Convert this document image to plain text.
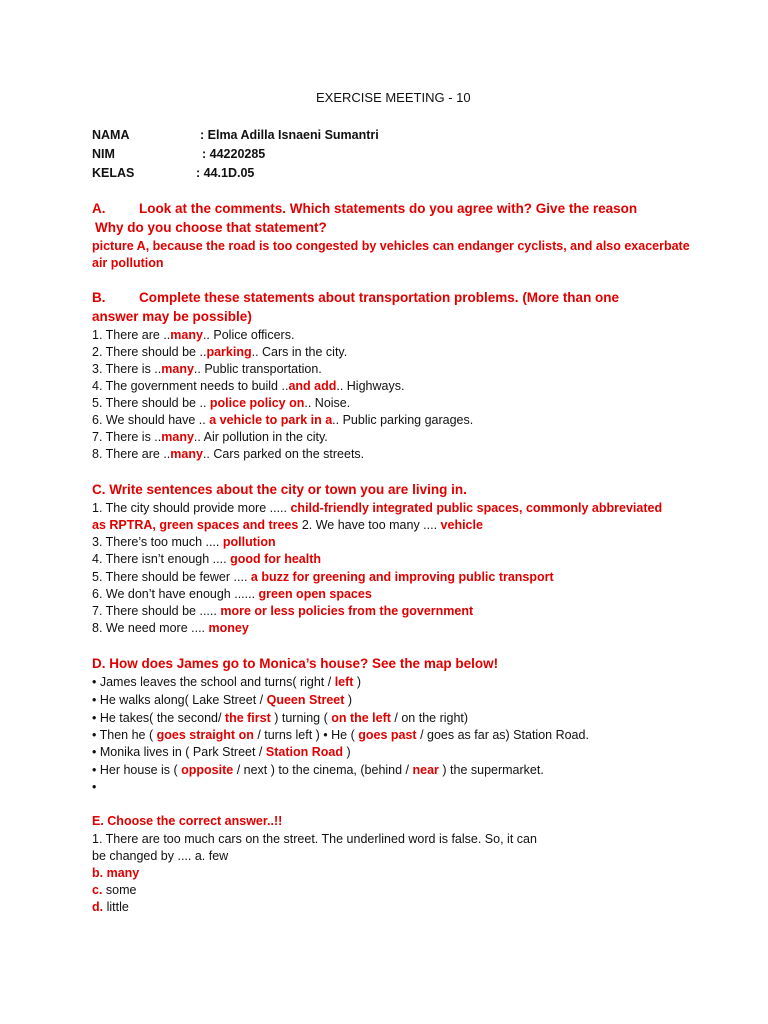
EXERCISE MEETING - 10
NAMA	: Elma Adilla Isnaeni Sumantri
NIM	: 44220285
KELAS	: 44.1D.05
A. Look at the comments. Which statements do you agree with? Give the reason
Why do you choose that statement?
picture A, because the road is too congested by vehicles can endanger cyclists, and also exacerbate
air pollution
B. Complete these statements about transportation problems. (More than one
answer may be possible)
1. There are ..many.. Police officers.
2. There should be ..parking.. Cars in the city.
3. There is ..many.. Public transportation.
4. The government needs to build ..and add.. Highways.
5. There should be .. police policy on.. Noise.
6. We should have .. a vehicle to park in a.. Public parking garages.
7. There is ..many.. Air pollution in the city.
8. There are ..many.. Cars parked on the streets.
C. Write sentences about the city or town you are living in.
1. The city should provide more ..... child-friendly integrated public spaces, commonly abbreviated
as RPTRA, green spaces and trees 2. We have too many .... vehicle
3. There’s too much .... pollution
4. There isn’t enough .... good for health
5. There should be fewer .... a buzz for greening and improving public transport
6. We don’t have enough ...... green open spaces
7. There should be ..... more or less policies from the government
8. We need more .... money
D. How does James go to Monica’s house? See the map below!
• James leaves the school and turns( right / left )
• He walks along( Lake Street / Queen Street )
• He takes( the second/ the first ) turning ( on the left / on the right)
• Then he ( goes straight on / turns left ) • He ( goes past / goes as far as) Station Road.
• Monika lives in ( Park Street / Station Road )
• Her house is ( opposite / next ) to the cinema, (behind / near ) the supermarket.
•
E. Choose the correct answer..!!
1. There are too much cars on the street. The underlined word is false. So, it can
be changed by .... a. few
b. many
c. some
d. little
